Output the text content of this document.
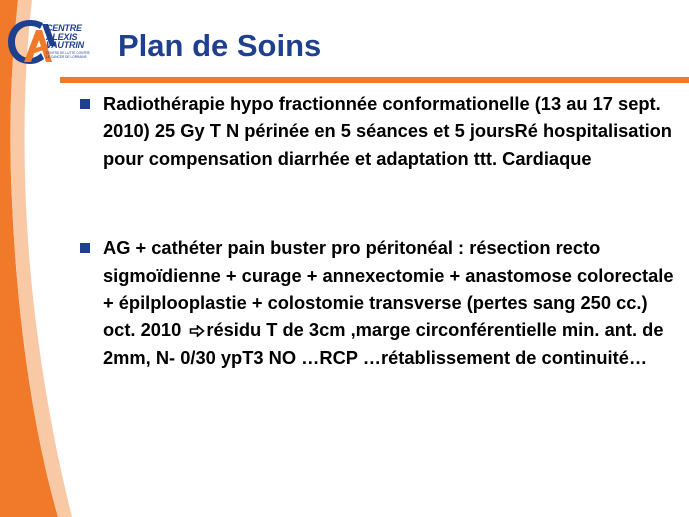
CENTRE
ALEXIS
VAUTRIN
CENTRE DE LUTTE CONTRE
LE CANCER DE LORRAINE	Plan de Soins
Radiothérapie hypo fractionnée conformationelle (13 au 17 sept. 2010) 25 Gy T N périnée en 5 séances et 5 joursRé hospitalisation pour compensation diarrhée et adaptation ttt. Cardiaque
AG + cathéter pain buster pro péritonéal : résection recto sigmoïdienne + curage + annexectomie + anastomose colorectale + épilplooplastie + colostomie transverse (pertes sang 250 cc.) oct. 2010 résidu T de 3cm ,marge circonférentielle min. ant. de 2mm, N- 0/30 ypT3 NO …RCP …rétablissement de continuité…
